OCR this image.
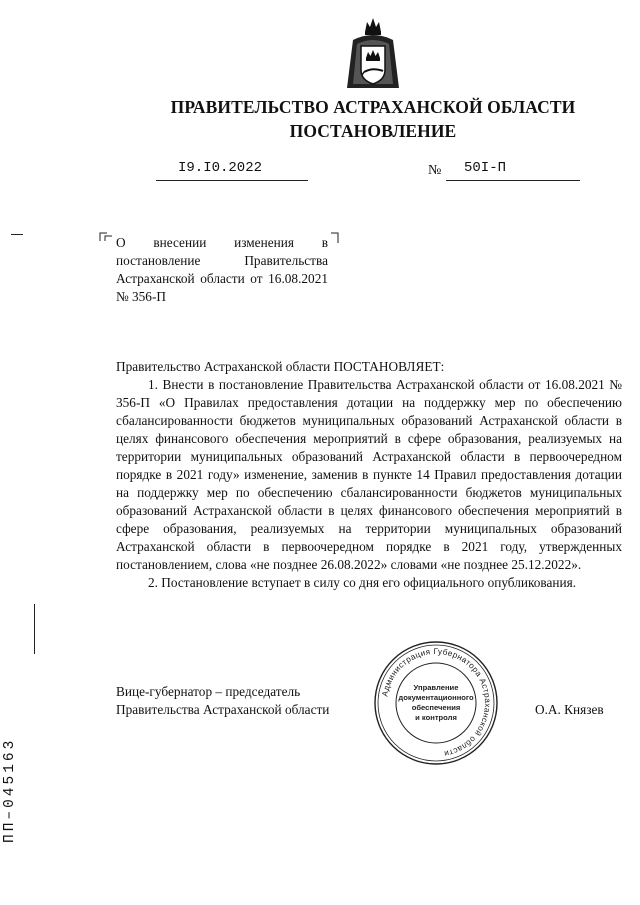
ПРАВИТЕЛЬСТВО АСТРАХАНСКОЙ ОБЛАСТИ
ПОСТАНОВЛЕНИЕ
I9.I0.2022	№ 50I-П
О внесении изменения в постановление Правительства Астраханской области от 16.08.2021 № 356-П

Правительство Астраханской области ПОСТАНОВЛЯЕТ:

1. Внести в постановление Правительства Астраханской области от 16.08.2021 № 356-П «О Правилах предоставления дотации на поддержку мер по обеспечению сбалансированности бюджетов муниципальных образований Астраханской области в целях финансового обеспечения мероприятий в сфере образования, реализуемых на территории муниципальных образований Астраханской области в первоочередном порядке в 2021 году» изменение, заменив в пункте 14 Правил предоставления дотации на поддержку мер по обеспечению сбалансированности бюджетов муниципальных образований Астраханской области в целях финансового обеспечения мероприятий в сфере образования, реализуемых на территории муниципальных образований Астраханской области в первоочередном порядке в 2021 году, утвержденных постановлением, слова «не позднее 26.08.2022» словами «не позднее 25.12.2022».

2. Постановление вступает в силу со дня его официального опубликования.

Вице-губернатор – председатель
Правительства Астраханской области	О.А. Князев
Администрация Губернатора Астраханской области
Управление
документационного
обеспечения
и контроля
ПП–045163
